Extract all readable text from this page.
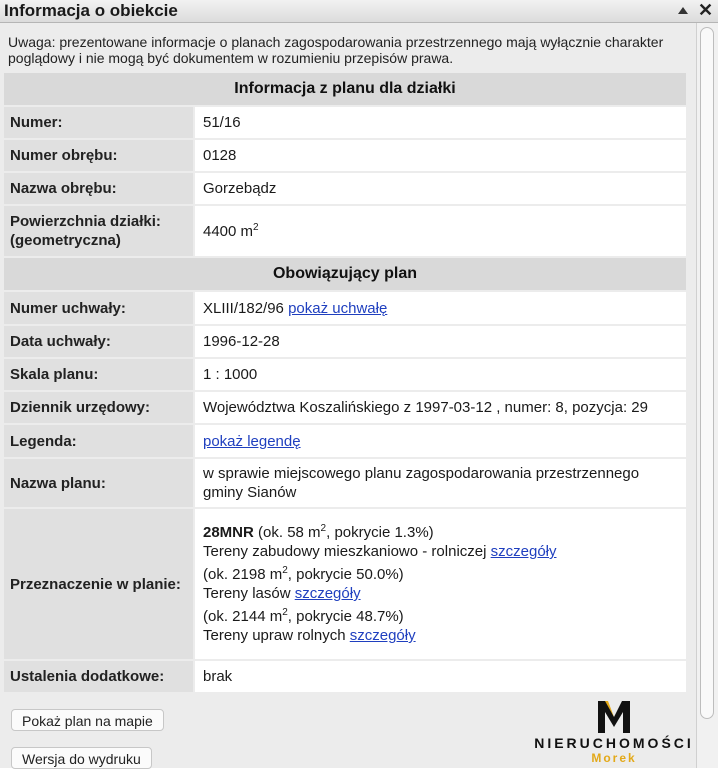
Informacja o obiekcie	✕
Uwaga: prezentowane informacje o planach zagospodarowania przestrzennego mają wyłącznie charakter poglądowy i nie mogą być dokumentem w rozumieniu przepisów prawa.
Informacja z planu dla działki
Numer:	51/16
Numer obrębu:	0128
Nazwa obrębu:	Gorzebądz
Powierzchnia działki: (geometryczna)
4400 $m^2$
Obowiązujący plan
Numer uchwały:	XLIII/182/96 pokaż uchwałę
Data uchwały:	1996-12-28
Skala planu:	1 : 1000
Dziennik urzędowy:	Województwa Koszalińskiego z 1997-03-12 , numer: 8, pozycja: 29
Legenda:	pokaż legendę
Nazwa planu:
w sprawie miejscowego planu zagospodarowania przestrzennego gminy Sianów
Przeznaczenie w planie:
28MNR (ok. 58 $m^2$, pokrycie 1.3%)
Tereny zabudowy mieszkaniowo - rolniczej szczegóły
(ok. 2198 $m^2$, pokrycie 50.0%)
Tereny lasów szczegóły
(ok. 2144 $m^2$, pokrycie 48.7%)
Tereny upraw rolnych szczegóły
Ustalenia dodatkowe:	brak
Pokaż plan na mapie
Wersja do wydruku
NIERUCHOMOŚCI
Morek
